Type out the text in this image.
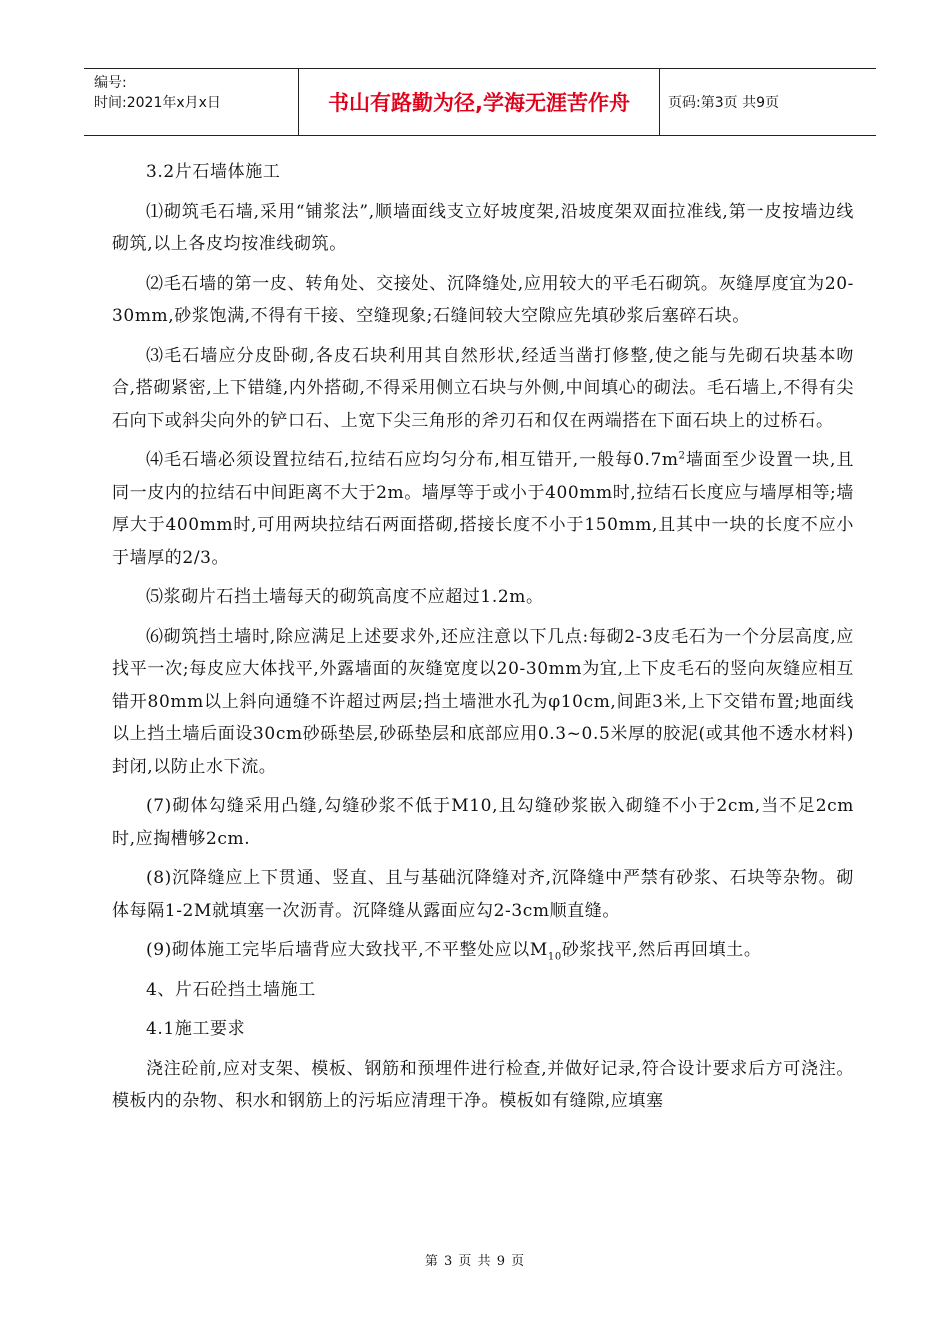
编号:
时间:2021年x月x日	书山有路勤为径,学海无涯苦作舟	页码:第3页 共9页

3.2片石墙体施工

⑴砌筑毛石墙,采用“铺浆法”,顺墙面线支立好坡度架,沿坡度架双面拉准线,第一皮按墙边线砌筑,以上各皮均按准线砌筑。

⑵毛石墙的第一皮、转角处、交接处、沉降缝处,应用较大的平毛石砌筑。灰缝厚度宜为20-30mm,砂浆饱满,不得有干接、空缝现象;石缝间较大空隙应先填砂浆后塞碎石块。

⑶毛石墙应分皮卧砌,各皮石块利用其自然形状,经适当凿打修整,使之能与先砌石块基本吻合,搭砌紧密,上下错缝,内外搭砌,不得采用侧立石块与外侧,中间填心的砌法。毛石墙上,不得有尖石向下或斜尖向外的铲口石、上宽下尖三角形的斧刃石和仅在两端搭在下面石块上的过桥石。

⑷毛石墙必须设置拉结石,拉结石应均匀分布,相互错开,一般每$0.7m^2$墙面至少设置一块,且同一皮内的拉结石中间距离不大于2m。墙厚等于或小于400mm时,拉结石长度应与墙厚相等;墙厚大于400mm时,可用两块拉结石两面搭砌,搭接长度不小于150mm,且其中一块的长度不应小于墙厚的2/3。

⑸浆砌片石挡土墙每天的砌筑高度不应超过1.2m。

⑹砌筑挡土墙时,除应满足上述要求外,还应注意以下几点:每砌2-3皮毛石为一个分层高度,应找平一次;每皮应大体找平,外露墙面的灰缝宽度以20-30mm为宜,上下皮毛石的竖向灰缝应相互错开80mm以上斜向通缝不许超过两层;挡土墙泄水孔为φ10cm,间距3米,上下交错布置;地面线以上挡土墙后面设30cm砂砾垫层,砂砾垫层和底部应用0.3~0.5米厚的胶泥(或其他不透水材料)封闭,以防止水下流。

(7)砌体勾缝采用凸缝,勾缝砂浆不低于M10,且勾缝砂浆嵌入砌缝不小于2cm,当不足2cm时,应掏槽够2cm.

(8)沉降缝应上下贯通、竖直、且与基础沉降缝对齐,沉降缝中严禁有砂浆、石块等杂物。砌体每隔1-2M就填塞一次沥青。沉降缝从露面应勾2-3cm顺直缝。

(9)砌体施工完毕后墙背应大致找平,不平整处应以$M_{10}$砂浆找平,然后再回填土。

4、片石砼挡土墙施工

4.1施工要求

浇注砼前,应对支架、模板、钢筋和预埋件进行检查,并做好记录,符合设计要求后方可浇注。模板内的杂物、积水和钢筋上的污垢应清理干净。模板如有缝隙,应填塞

第 3 页 共 9 页
